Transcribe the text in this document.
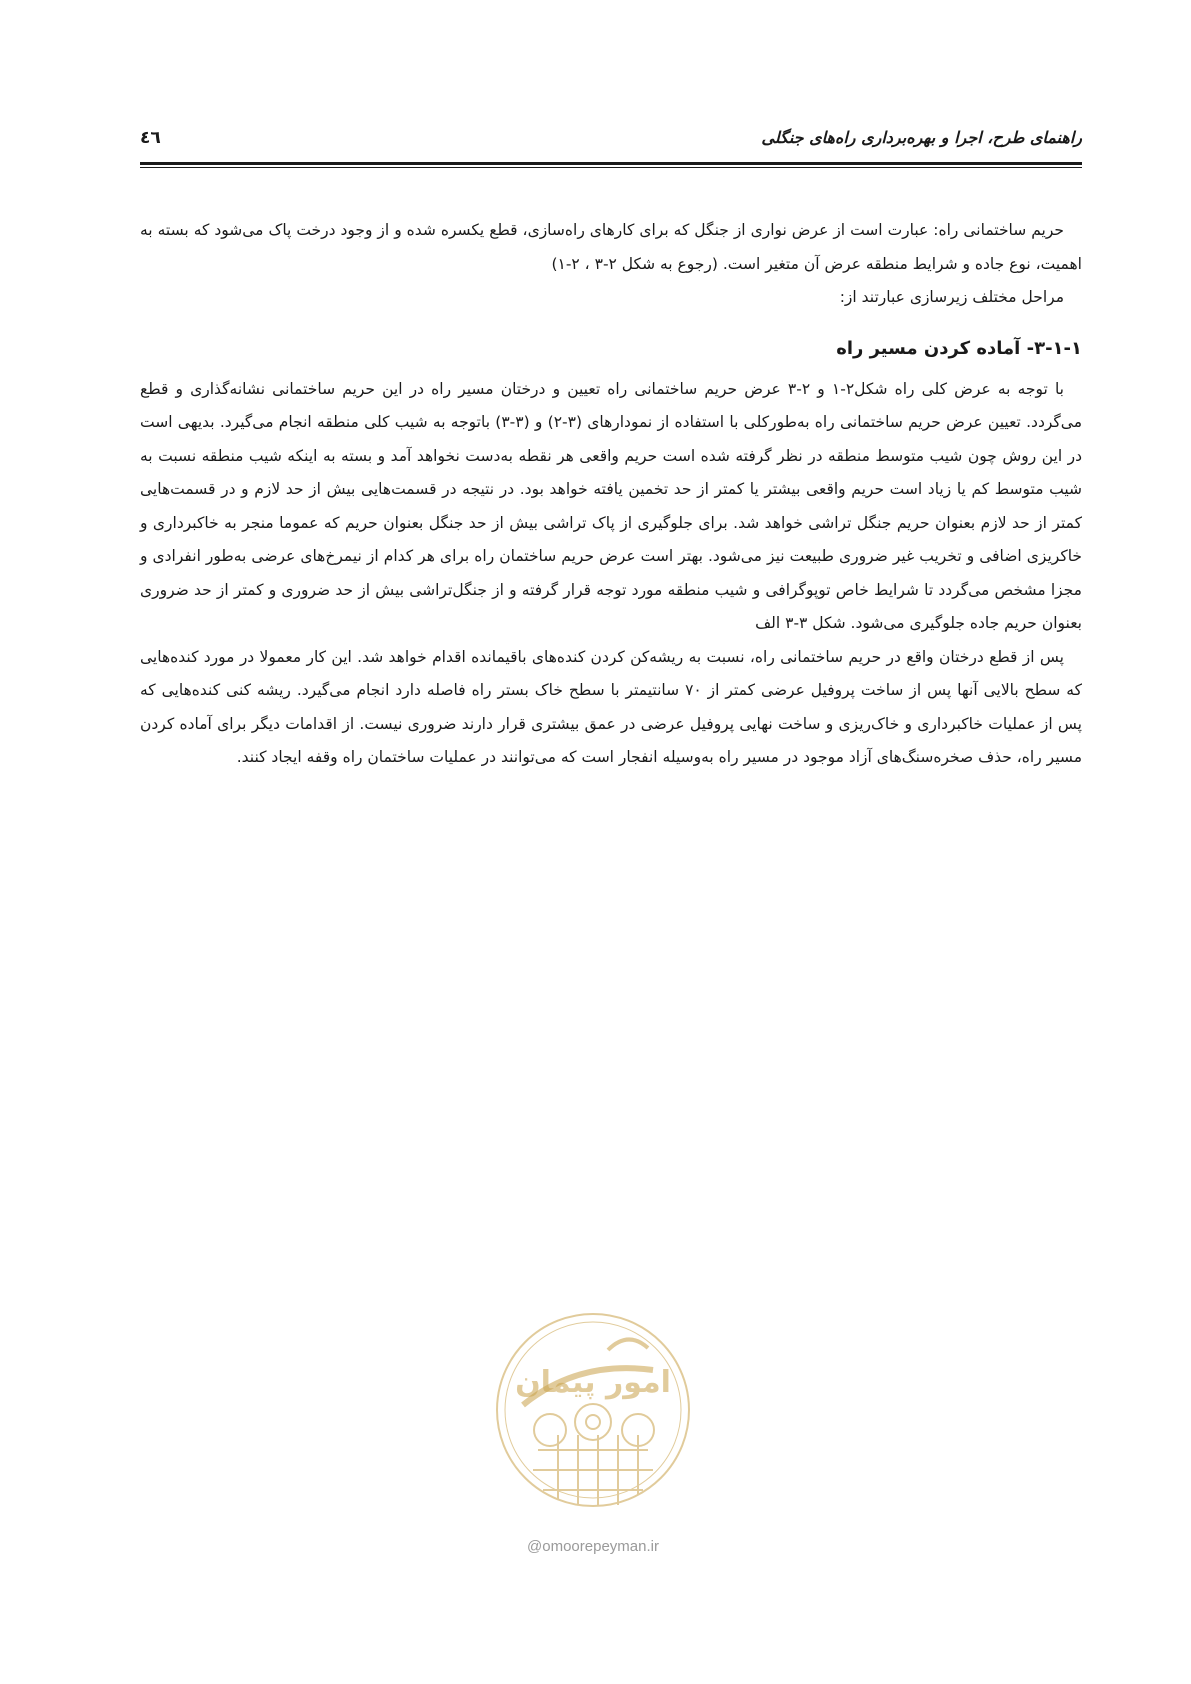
راهنمای طرح، اجرا و بهره‌برداری راه‌های جنگلی
٤٦

حریم ساختمانی راه: عبارت است از عرض نواری از جنگل که برای کارهای راه‌سازی، قطع یکسره شده و از وجود درخت پاک می‌شود که بسته به اهمیت، نوع جاده و شرایط منطقه عرض آن متغیر است. (رجوع به شکل ۲-۳ ، ۲-۱)

مراحل مختلف زیرسازی عبارتند از:

۳-۱-۱- آماده کردن مسیر راه

با توجه به عرض کلی راه شکل۲-۱ و ۲-۳ عرض حریم ساختمانی راه تعیین و درختان مسیر راه در این حریم ساختمانی نشانه‌گذاری و قطع می‌گردد. تعیین عرض حریم ساختمانی راه به‌طورکلی با استفاده از نمودارهای (۳-۲) و (۳-۳) باتوجه به شیب کلی منطقه انجام می‌گیرد. بدیهی است در این روش چون شیب متوسط منطقه در نظر گرفته شده است حریم واقعی هر نقطه به‌دست نخواهد آمد و بسته به اینکه شیب منطقه نسبت به شیب متوسط کم یا زیاد است حریم واقعی بیشتر یا کمتر از حد تخمین یافته خواهد بود. در نتیجه در قسمت‌هایی بیش از حد لازم و در قسمت‌هایی کمتر از حد لازم بعنوان حریم جنگل تراشی خواهد شد. برای جلوگیری از پاک تراشی بیش از حد جنگل بعنوان حریم که عموما منجر به خاکبرداری و خاکریزی اضافی و تخریب غیر ضروری طبیعت نیز می‌شود. بهتر است عرض حریم ساختمان راه برای هر کدام از نیمرخ‌های عرضی به‌طور انفرادی و مجزا مشخص می‌گردد تا شرایط خاص توپوگرافی و شیب منطقه مورد توجه قرار گرفته و از جنگل‌تراشی بیش از حد ضروری و کمتر از حد ضروری بعنوان حریم جاده جلوگیری می‌شود. شکل ۳-۳ الف

پس از قطع درختان واقع در حریم ساختمانی راه، نسبت به ریشه‌کن کردن کنده‌های باقیمانده اقدام خواهد شد. این کار معمولا در مورد کنده‌هایی که سطح بالایی آنها پس از ساخت پروفیل عرضی کمتر از ۷۰ سانتیمتر با سطح خاک بستر راه فاصله دارد انجام می‌گیرد. ریشه کنی کنده‌هایی که پس از عملیات خاکبرداری و خاک‌ریزی و ساخت نهایی پروفیل عرضی در عمق بیشتری قرار دارند ضروری نیست. از اقدامات دیگر برای آماده کردن مسیر راه، حذف صخره‌سنگ‌های آزاد موجود در مسیر راه به‌وسیله انفجار است که می‌توانند در عملیات ساختمان راه وقفه ایجاد کنند.

امور پیمان
@omoorepeyman.ir
